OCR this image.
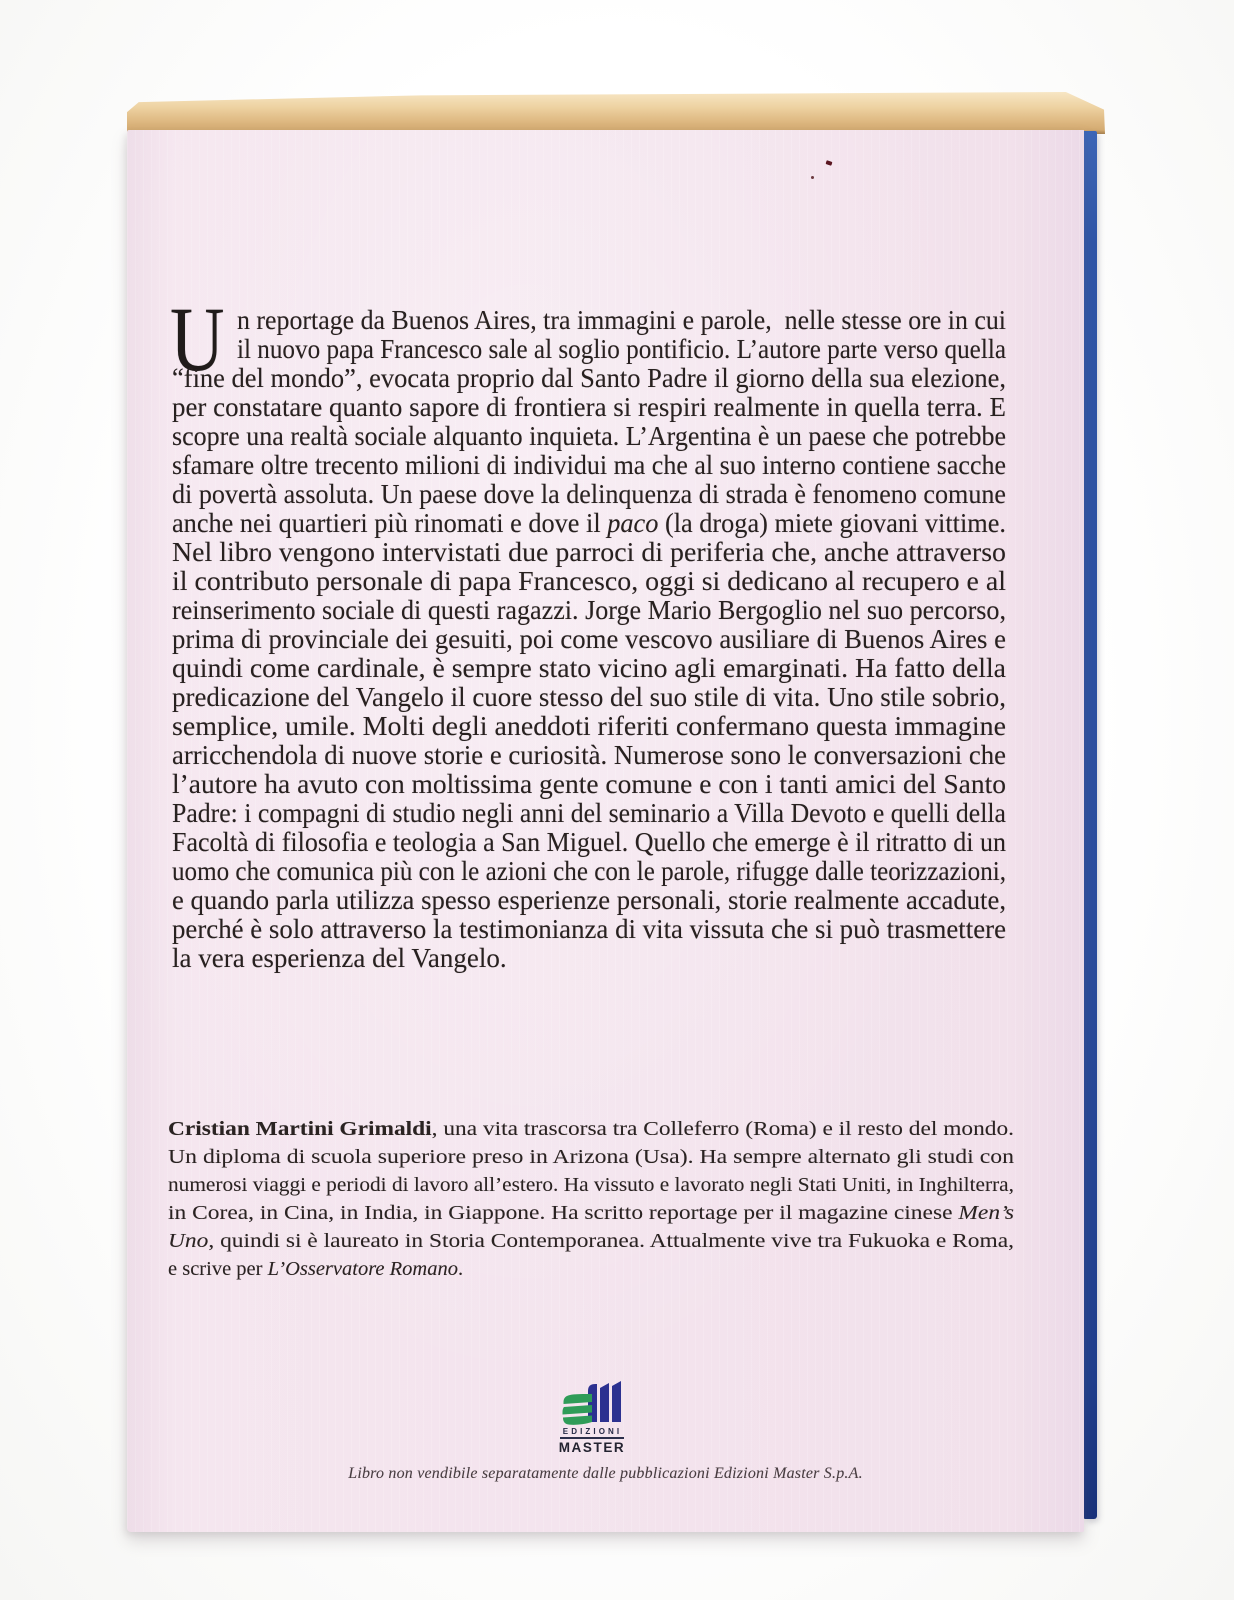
U n reportage da Buenos Aires, tra immagini e parole,  nelle stesse ore in cui
il nuovo papa Francesco sale al soglio pontificio. L’autore parte verso quella
“fine del mondo”, evocata proprio dal Santo Padre il giorno della sua elezione,
per constatare quanto sapore di frontiera si respiri realmente in quella terra. E
scopre una realtà sociale alquanto inquieta. L’Argentina è un paese che potrebbe
sfamare oltre trecento milioni di individui ma che al suo interno contiene sacche
di povertà assoluta. Un paese dove la delinquenza di strada è fenomeno comune
anche nei quartieri più rinomati e dove il paco (la droga) miete giovani vittime.
Nel libro vengono intervistati due parroci di periferia che, anche attraverso
il contributo personale di papa Francesco, oggi si dedicano al recupero e al
reinserimento sociale di questi ragazzi. Jorge Mario Bergoglio nel suo percorso,
prima di provinciale dei gesuiti, poi come vescovo ausiliare di Buenos Aires e
quindi come cardinale, è sempre stato vicino agli emarginati. Ha fatto della
predicazione del Vangelo il cuore stesso del suo stile di vita. Uno stile sobrio,
semplice, umile. Molti degli aneddoti riferiti confermano questa immagine
arricchendola di nuove storie e curiosità. Numerose sono le conversazioni che
l’autore ha avuto con moltissima gente comune e con i tanti amici del Santo
Padre: i compagni di studio negli anni del seminario a Villa Devoto e quelli della
Facoltà di filosofia e teologia a San Miguel. Quello che emerge è il ritratto di un
uomo che comunica più con le azioni che con le parole, rifugge dalle teorizzazioni,
e quando parla utilizza spesso esperienze personali, storie realmente accadute,
perché è solo attraverso la testimonianza di vita vissuta che si può trasmettere
la vera esperienza del Vangelo.
Cristian Martini Grimaldi, una vita trascorsa tra Colleferro (Roma) e il resto del mondo.
Un diploma di scuola superiore preso in Arizona (Usa). Ha sempre alternato gli studi con
numerosi viaggi e periodi di lavoro all’estero. Ha vissuto e lavorato negli Stati Uniti, in Inghilterra,
in Corea, in Cina, in India, in Giappone. Ha scritto reportage per il magazine cinese Men’s
Uno, quindi si è laureato in Storia Contemporanea. Attualmente vive tra Fukuoka e Roma,
e scrive per L’Osservatore Romano.
EDIZIONI
MASTER
Libro non vendibile separatamente dalle pubblicazioni Edizioni Master S.p.A.
